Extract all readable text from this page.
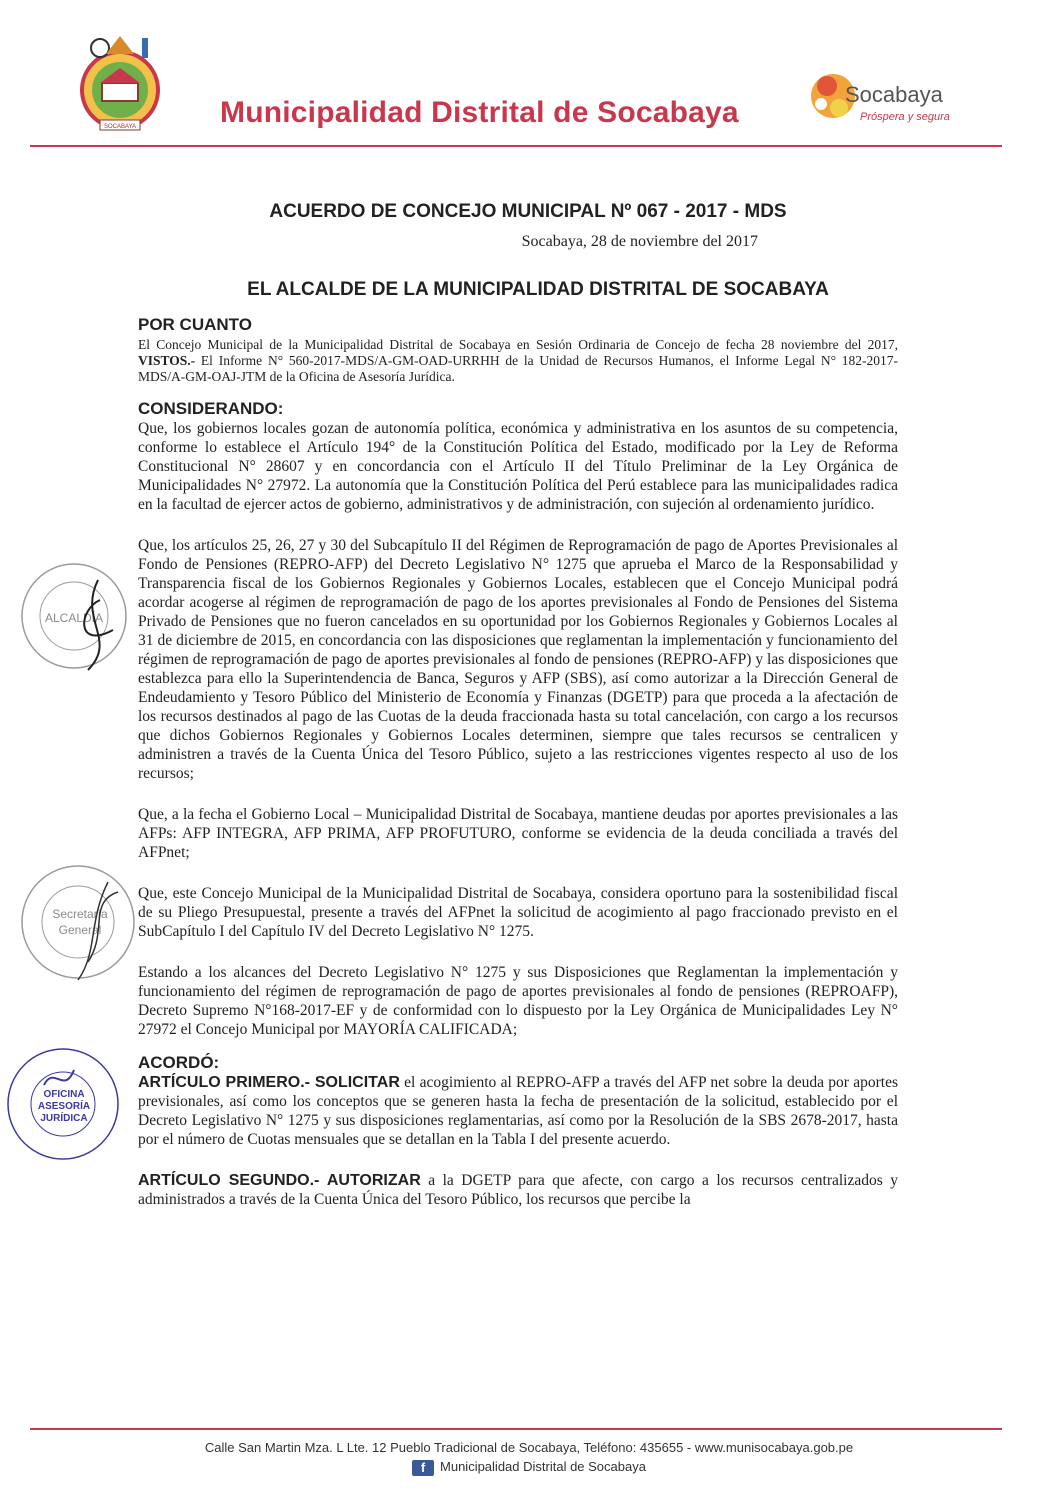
SOCABAYA	Municipalidad Distrital de Socabaya
Socabaya
Próspera y segura
ACUERDO DE CONCEJO MUNICIPAL Nº 067 - 2017 - MDS
Socabaya, 28 de noviembre del 2017
EL ALCALDE DE LA MUNICIPALIDAD DISTRITAL DE SOCABAYA
POR CUANTO
El Concejo Municipal de la Municipalidad Distrital de Socabaya en Sesión Ordinaria de Concejo de fecha 28 noviembre del 2017, VISTOS.- El Informe N° 560-2017-MDS/A-GM-OAD-URRHH de la Unidad de Recursos Humanos, el Informe Legal N° 182-2017-MDS/A-GM-OAJ-JTM de la Oficina de Asesoría Jurídica.
CONSIDERANDO:
Que, los gobiernos locales gozan de autonomía política, económica y administrativa en los asuntos de su competencia, conforme lo establece el Artículo 194° de la Constitución Política del Estado, modificado por la Ley de Reforma Constitucional N° 28607 y en concordancia con el Artículo II del Título Preliminar de la Ley Orgánica de Municipalidades N° 27972. La autonomía que la Constitución Política del Perú establece para las municipalidades radica en la facultad de ejercer actos de gobierno, administrativos y de administración, con sujeción al ordenamiento jurídico.
Que, los artículos 25, 26, 27 y 30 del Subcapítulo II del Régimen de Reprogramación de pago de Aportes Previsionales al Fondo de Pensiones (REPRO-AFP) del Decreto Legislativo N° 1275 que aprueba el Marco de la Responsabilidad y Transparencia fiscal de los Gobiernos Regionales y Gobiernos Locales, establecen que el Concejo Municipal podrá acordar acogerse al régimen de reprogramación de pago de los aportes previsionales al Fondo de Pensiones del Sistema Privado de Pensiones que no fueron cancelados en su oportunidad por los Gobiernos Regionales y Gobiernos Locales al 31 de diciembre de 2015, en concordancia con las disposiciones que reglamentan la implementación y funcionamiento del régimen de reprogramación de pago de aportes previsionales al fondo de pensiones (REPRO-AFP) y las disposiciones que establezca para ello la Superintendencia de Banca, Seguros y AFP (SBS), así como autorizar a la Dirección General de Endeudamiento y Tesoro Público del Ministerio de Economía y Finanzas (DGETP) para que proceda a la afectación de los recursos destinados al pago de las Cuotas de la deuda fraccionada hasta su total cancelación, con cargo a los recursos que dichos Gobiernos Regionales y Gobiernos Locales determinen, siempre que tales recursos se centralicen y administren a través de la Cuenta Única del Tesoro Público, sujeto a las restricciones vigentes respecto al uso de los recursos;
Que, a la fecha el Gobierno Local – Municipalidad Distrital de Socabaya, mantiene deudas por aportes previsionales a las AFPs: AFP INTEGRA, AFP PRIMA, AFP PROFUTURO, conforme se evidencia de la deuda conciliada a través del AFPnet;
Que, este Concejo Municipal de la Municipalidad Distrital de Socabaya, considera oportuno para la sostenibilidad fiscal de su Pliego Presupuestal, presente a través del AFPnet la solicitud de acogimiento al pago fraccionado previsto en el SubCapítulo I del Capítulo IV del Decreto Legislativo N° 1275.
Estando a los alcances del Decreto Legislativo N° 1275 y sus Disposiciones que Reglamentan la implementación y funcionamiento del régimen de reprogramación de pago de aportes previsionales al fondo de pensiones (REPROAFP), Decreto Supremo N°168-2017-EF y de conformidad con lo dispuesto por la Ley Orgánica de Municipalidades Ley N° 27972 el Concejo Municipal por MAYORÍA CALIFICADA;
ACORDÓ:
ARTÍCULO PRIMERO.- SOLICITAR el acogimiento al REPRO-AFP a través del AFP net sobre la deuda por aportes previsionales, así como los conceptos que se generen hasta la fecha de presentación de la solicitud, establecido por el Decreto Legislativo N° 1275 y sus disposiciones reglamentarias, así como por la Resolución de la SBS 2678-2017, hasta por el número de Cuotas mensuales que se detallan en la Tabla I del presente acuerdo.
ARTÍCULO SEGUNDO.- AUTORIZAR a la DGETP para que afecte, con cargo a los recursos centralizados y administrados a través de la Cuenta Única del Tesoro Público, los recursos que percibe la
ALCALDÍA
Secretaría
General
OFICINA
ASESORÍA
JURÍDICA
Calle San Martin Mza. L Lte. 12 Pueblo Tradicional de Socabaya, Teléfono: 435655 - www.munisocabaya.gob.pe
f Municipalidad Distrital de Socabaya
